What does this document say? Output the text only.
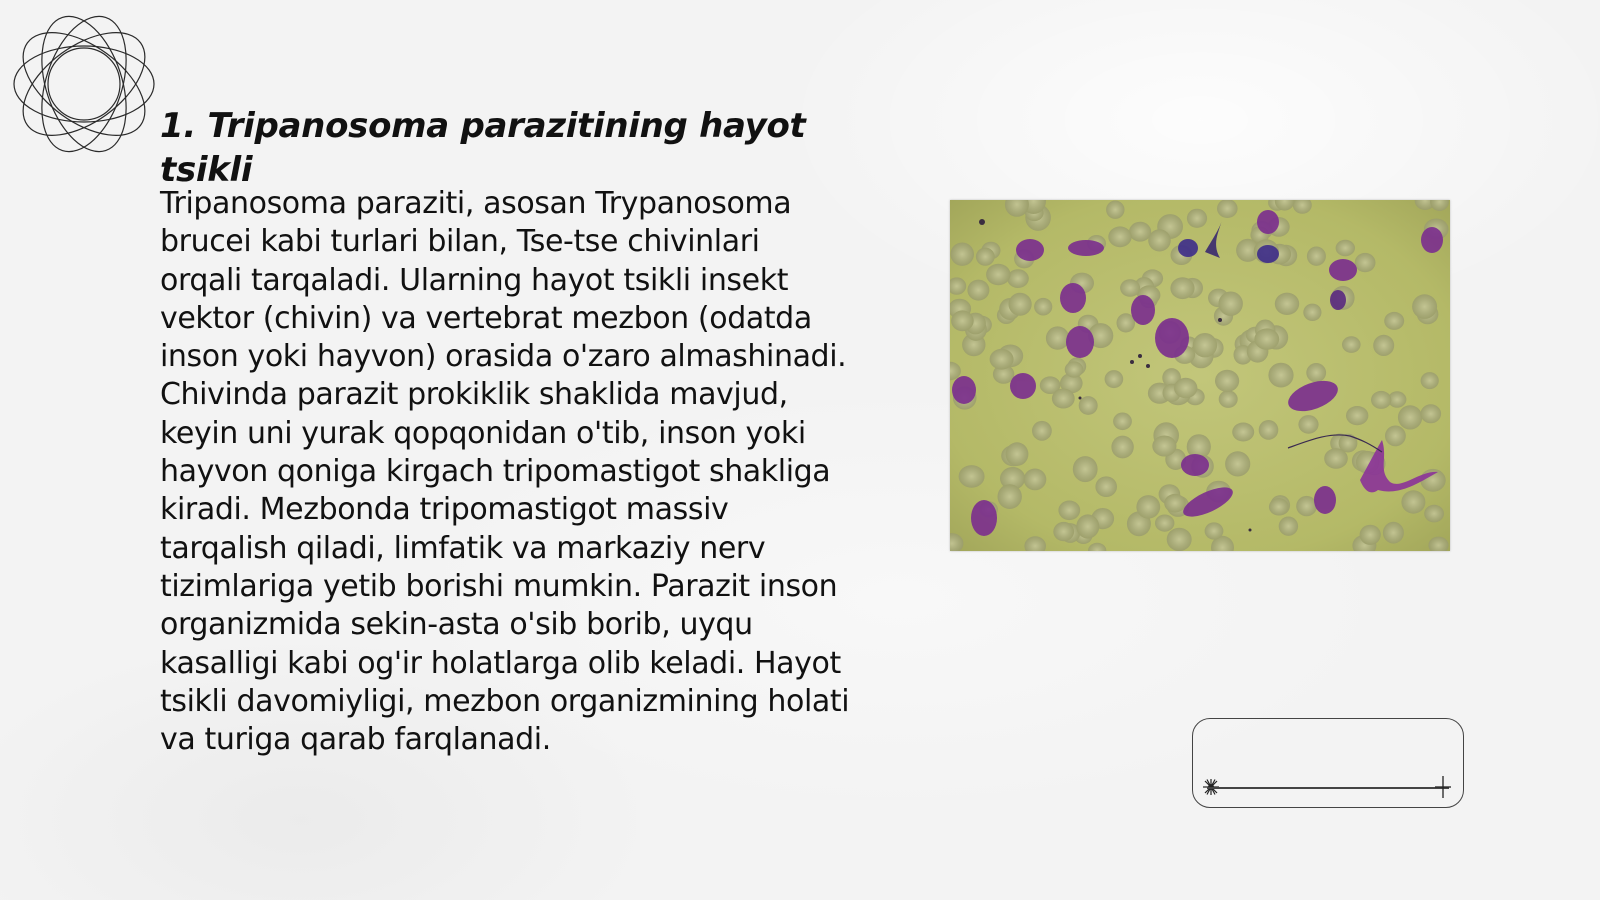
1. Tripanosoma parazitining hayot tsikli

Tripanosoma paraziti, asosan Trypanosoma brucei kabi turlari bilan, Tse-tse chivinlari orqali tarqaladi. Ularning hayot tsikli insekt vektor (chivin) va vertebrat mezbon (odatda inson yoki hayvon) orasida o'zaro almashinadi. Chivinda parazit prokiklik shaklida mavjud, keyin uni yurak qopqonidan o'tib, inson yoki hayvon qoniga kirgach tripomastigot shakliga kiradi. Mezbonda tripomastigot massiv tarqalish qiladi, limfatik va markaziy nerv tizimlariga yetib borishi mumkin. Parazit inson organizmida sekin-asta o'sib borib, uyqu kasalligi kabi og'ir holatlarga olib keladi. Hayot tsikli davomiyligi, mezbon organizmining holati va turiga qarab farqlanadi.
